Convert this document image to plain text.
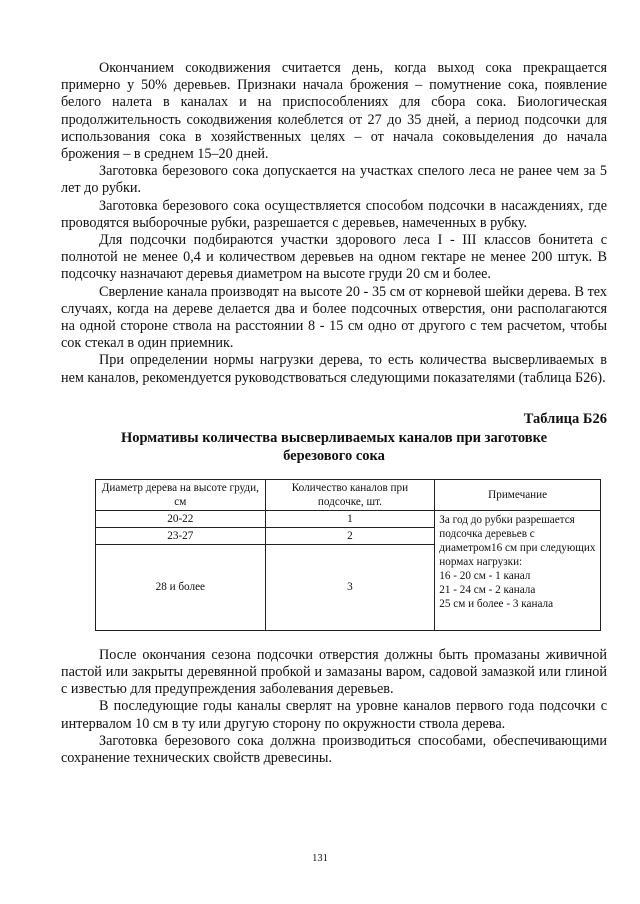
Окончанием сокодвижения считается день, когда выход сока прекращается примерно у 50% деревьев. Признаки начала брожения – помутнение сока, появление белого налета в каналах и на приспособлениях для сбора сока. Биологическая продолжительность сокодвижения колеблется от 27 до 35 дней, а период подсочки для использования сока в хозяйственных целях – от начала соковыделения до начала брожения – в среднем 15–20 дней.

Заготовка березового сока допускается на участках спелого леса не ранее чем за 5 лет до рубки.

Заготовка березового сока осуществляется способом подсочки в насаждениях, где проводятся выборочные рубки, разрешается с деревьев, намеченных в рубку.

Для подсочки подбираются участки здорового леса I - III классов бонитета с полнотой не менее 0,4 и количеством деревьев на одном гектаре не менее 200 штук. В подсочку назначают деревья диаметром на высоте груди 20 см и более.

Сверление канала производят на высоте 20 - 35 см от корневой шейки дерева. В тех случаях, когда на дереве делается два и более подсочных отверстия, они располагаются на одной стороне ствола на расстоянии 8 - 15 см одно от другого с тем расчетом, чтобы сок стекал в один приемник.

При определении нормы нагрузки дерева, то есть количества высверливаемых в нем каналов, рекомендуется руководствоваться следующими показателями (таблица Б26).

Таблица Б26
Нормативы количества высверливаемых каналов при заготовке
березового сока
Диаметр дерева на высоте груди, см	Количество каналов при подсочке, шт.	Примечание
20-22	1	За год до рубки разрешается подсочка деревьев с диаметром16 см при следующих нормах нагрузки:
16 - 20 см - 1 канал
21 - 24 см - 2 канала
25 см и более - 3 канала

23-27	2	
28 и более	3	

После окончания сезона подсочки отверстия должны быть промазаны живичной пастой или закрыты деревянной пробкой и замазаны варом, садовой замазкой или глиной с известью для предупреждения заболевания деревьев.

В последующие годы каналы сверлят на уровне каналов первого года подсочки с интервалом 10 см в ту или другую сторону по окружности ствола дерева.

Заготовка березового сока должна производиться способами, обеспечивающими сохранение технических свойств древесины.

131
